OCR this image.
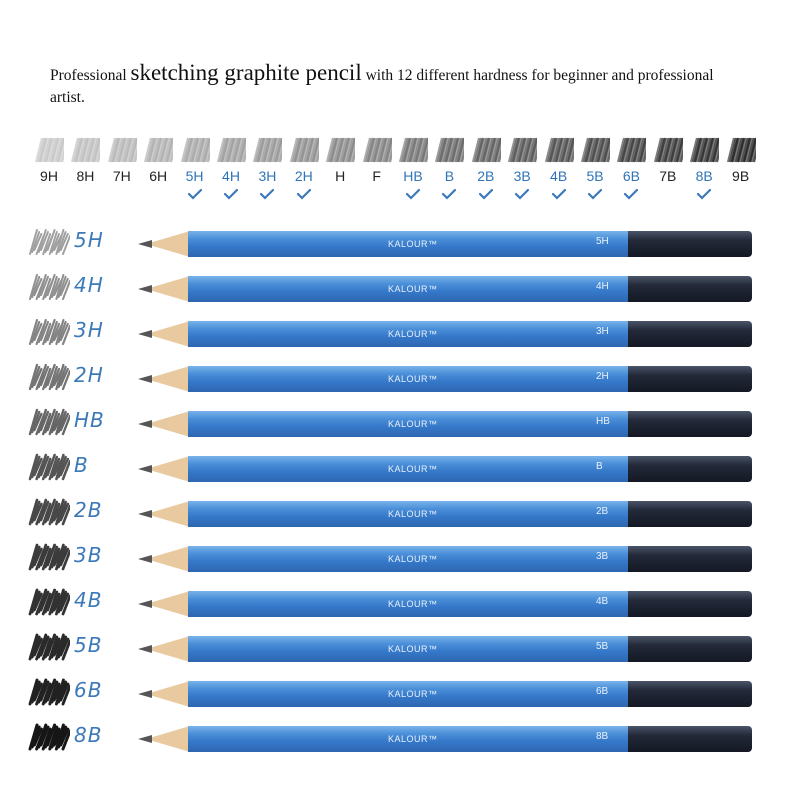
Professional sketching graphite pencil with 12 different hardness for beginner and professional artist.
9H	8H	7H	6H	5H	4H	3H	2H	H	F	HB	B	2B	3B	4B	5B	6B	7B	8B	9B
5H	KALOUR™	5H
4H	KALOUR™	4H
3H	KALOUR™	3H
2H	KALOUR™	2H
HB	KALOUR™	HB
B	KALOUR™	B
2B	KALOUR™	2B
3B	KALOUR™	3B
4B	KALOUR™	4B
5B	KALOUR™	5B
6B	KALOUR™	6B
8B	KALOUR™	8B
